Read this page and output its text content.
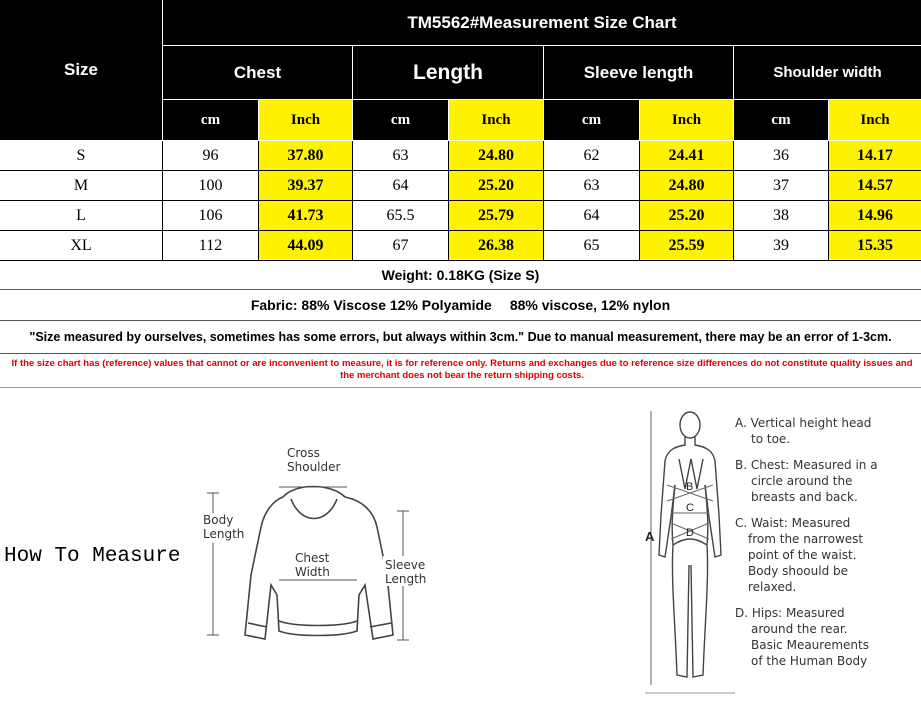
Size
TM5562#Measurement Size Chart
Chest	Length	Sleeve length	Shoulder width
cm	Inch	cm	Inch	cm	Inch	cm	Inch
S	96	37.80	63	24.80	62	24.41	36	14.17
M	100	39.37	64	25.20	63	24.80	37	14.57
L	106	41.73	65.5	25.79	64	25.20	38	14.96
XL	112	44.09	67	26.38	65	25.59	39	15.35
Weight: 0.18KG (Size S)
Fabric: 88% Viscose 12% Polyamide 88% viscose, 12% nylon
"Size measured by ourselves, sometimes has some errors, but always within 3cm." Due to manual measurement, there may be an error of 1-3cm.
If the size chart has (reference) values that cannot or are inconvenient to measure, it is for reference only. Returns and exchanges due to reference size differences do not constitute quality issues and the merchant does not bear the return shipping costs.
How To Measure
Cross
Shoulder
Body
Length
Chest
Width	Sleeve
Length
A
B
C
D
A. Vertical height head
to toe.
B. Chest: Measured in a
circle around the
breasts and back.
C. Waist: Measured
from the narrowest
point of the waist.
Body shoould be
relaxed.
D. Hips: Measured
around the rear.
Basic Meaurements
of the Human Body
